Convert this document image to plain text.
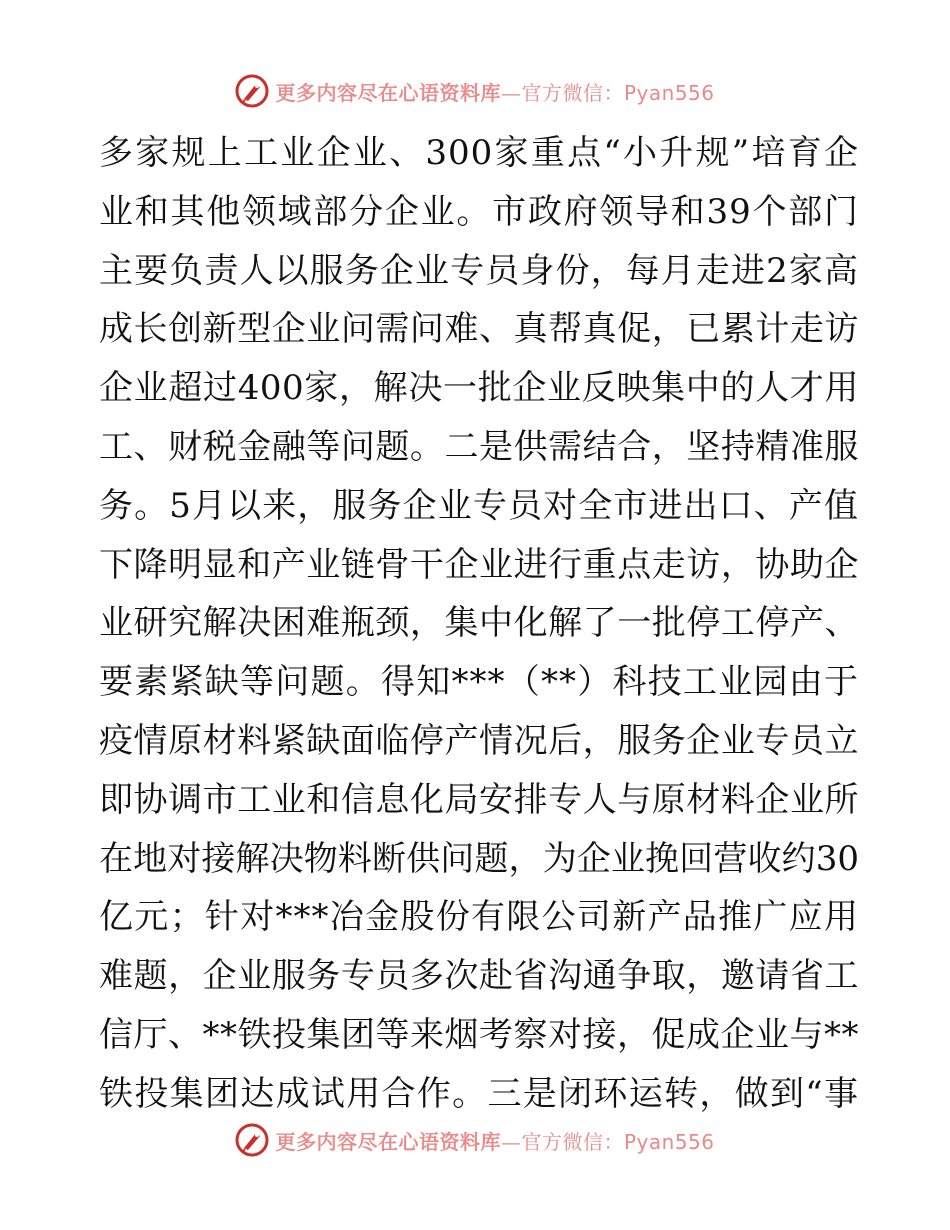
更多内容尽在心语资料库—官方微信：Pyan556
多家规上工业企业、300家重点“小升规”培育企
业和其他领域部分企业。市政府领导和39个部门
主要负责人以服务企业专员身份，每月走进2家高
成长创新型企业问需问难、真帮真促，已累计走访
企业超过400家，解决一批企业反映集中的人才用
工、财税金融等问题。二是供需结合，坚持精准服
务。5月以来，服务企业专员对全市进出口、产值
下降明显和产业链骨干企业进行重点走访，协助企
业研究解决困难瓶颈，集中化解了一批停工停产、
要素紧缺等问题。得知***（**）科技工业园由于
疫情原材料紧缺面临停产情况后，服务企业专员立
即协调市工业和信息化局安排专人与原材料企业所
在地对接解决物料断供问题，为企业挽回营收约30
亿元；针对***冶金股份有限公司新产品推广应用
难题，企业服务专员多次赴省沟通争取，邀请省工
信厅、**铁投集团等来烟考察对接，促成企业与**
铁投集团达成试用合作。三是闭环运转，做到“事
更多内容尽在心语资料库—官方微信：Pyan556
